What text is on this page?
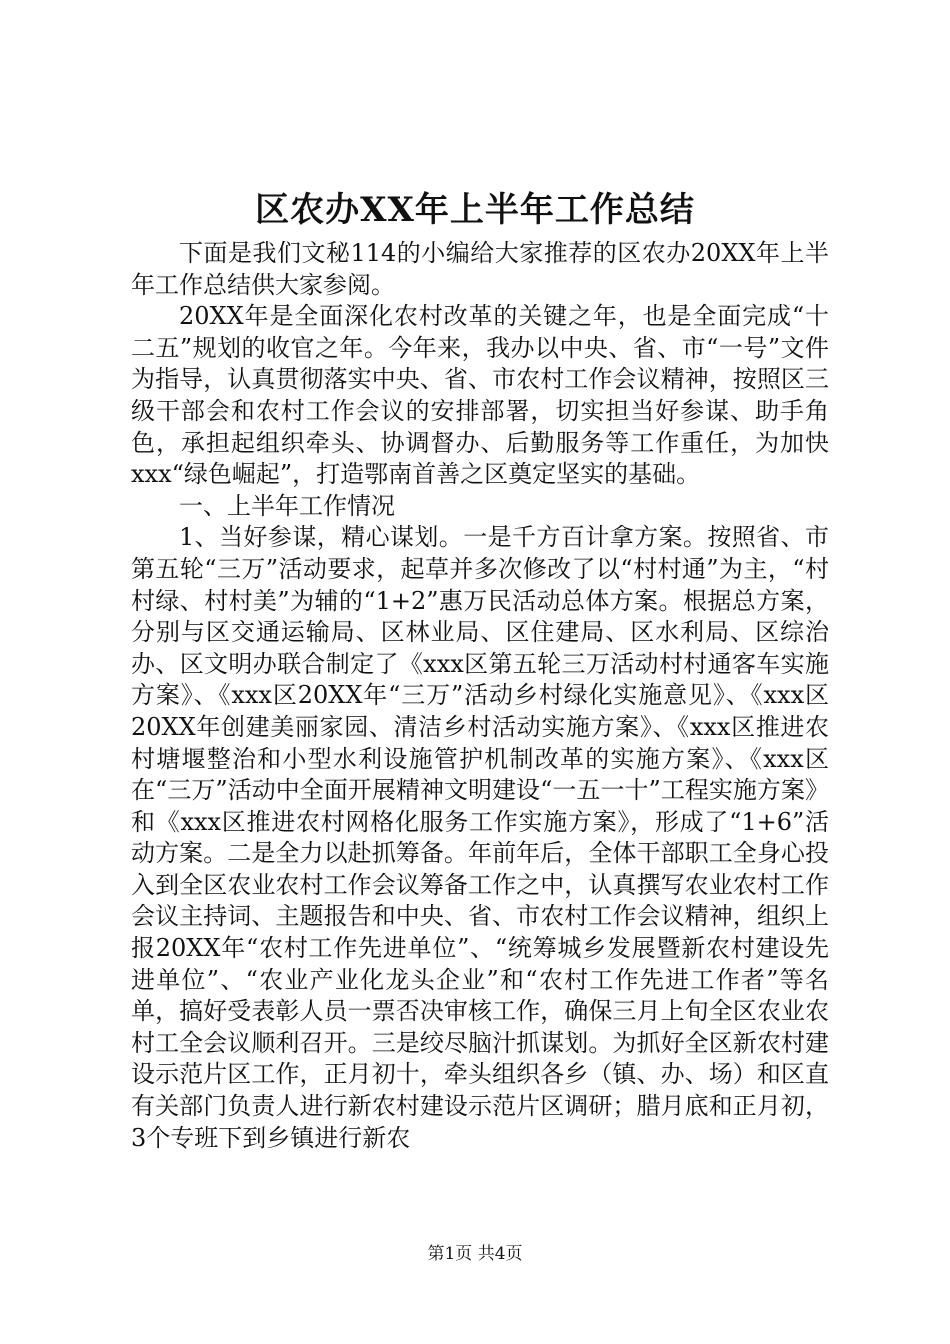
区农办XX年上半年工作总结

下面是我们文秘114的小编给大家推荐的区农办20XX年上半年工作总结供大家参阅。

20XX年是全面深化农村改革的关键之年，也是全面完成“十二五”规划的收官之年。今年来，我办以中央、省、市“一号”文件为指导，认真贯彻落实中央、省、市农村工作会议精神，按照区三级干部会和农村工作会议的安排部署，切实担当好参谋、助手角色，承担起组织牵头、协调督办、后勤服务等工作重任，为加快xxx“绿色崛起”，打造鄂南首善之区奠定坚实的基础。

一、上半年工作情况

1、当好参谋，精心谋划。一是千方百计拿方案。按照省、市第五轮“三万”活动要求，起草并多次修改了以“村村通”为主，“村村绿、村村美”为辅的“1+2”惠万民活动总体方案。根据总方案，分别与区交通运输局、区林业局、区住建局、区水利局、区综治办、区文明办联合制定了《xxx区第五轮三万活动村村通客车实施方案》、《xxx区20XX年“三万”活动乡村绿化实施意见》、《xxx区20XX年创建美丽家园、清洁乡村活动实施方案》、《xxx区推进农村塘堰整治和小型水利设施管护机制改革的实施方案》、《xxx区在“三万”活动中全面开展精神文明建设“一五一十”工程实施方案》和《xxx区推进农村网格化服务工作实施方案》，形成了“1+6”活动方案。二是全力以赴抓筹备。年前年后，全体干部职工全身心投入到全区农业农村工作会议筹备工作之中，认真撰写农业农村工作会议主持词、主题报告和中央、省、市农村工作会议精神，组织上报20XX年“农村工作先进单位”、“统筹城乡发展暨新农村建设先进单位”、“农业产业化龙头企业”和“农村工作先进工作者”等名单，搞好受表彰人员一票否决审核工作，确保三月上旬全区农业农村工全会议顺利召开。三是绞尽脑汁抓谋划。为抓好全区新农村建设示范片区工作，正月初十，牵头组织各乡（镇、办、场）和区直有关部门负责人进行新农村建设示范片区调研；腊月底和正月初，3个专班下到乡镇进行新农

第1页 共4页
